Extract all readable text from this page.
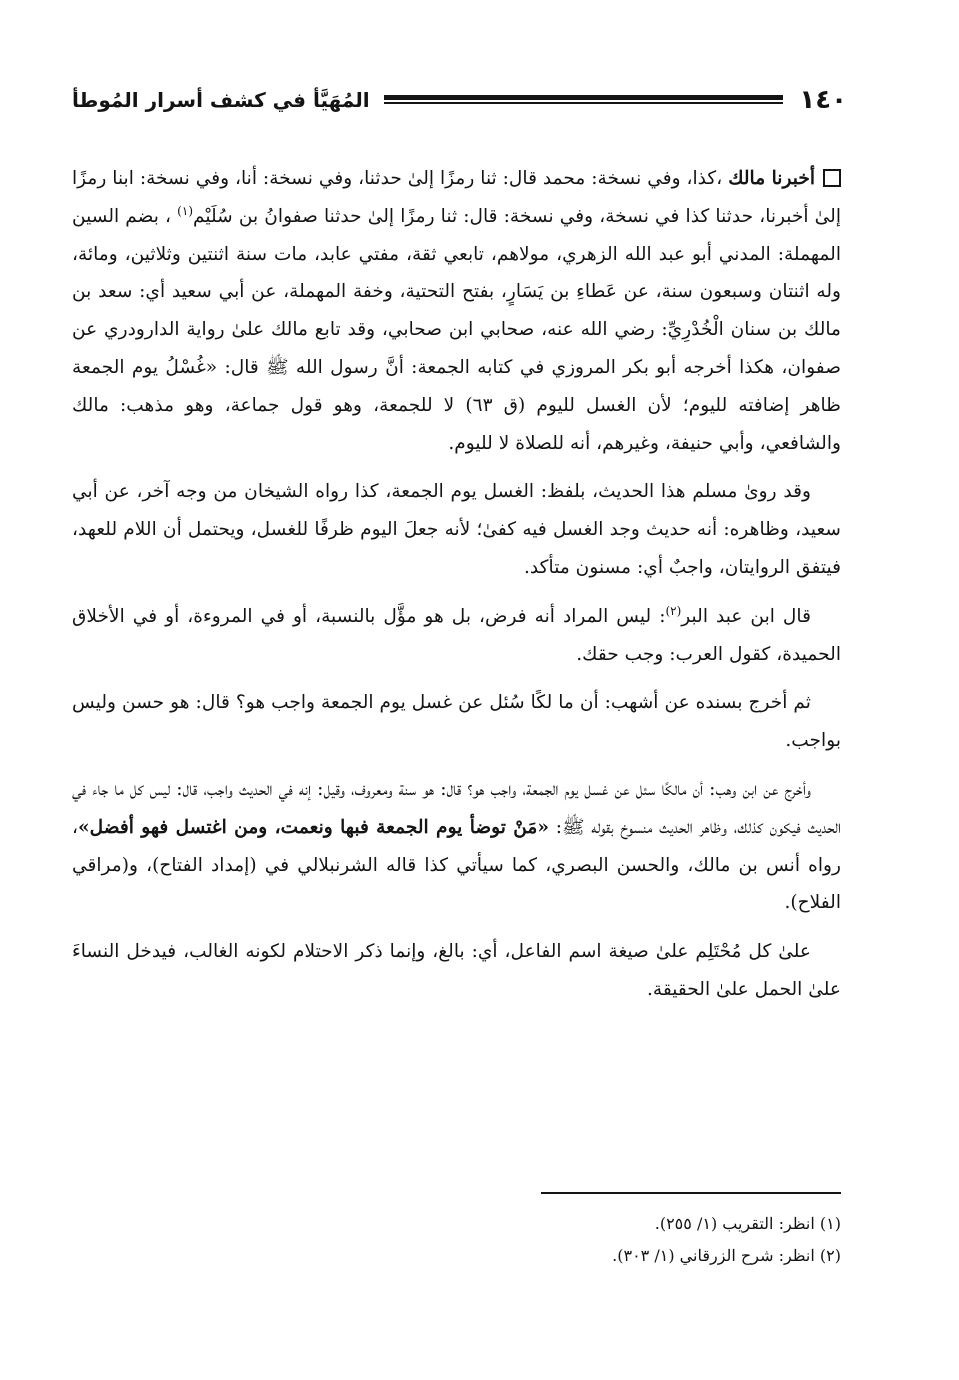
١٤٠
المُهَيَّأ في كشف أسرار المُوطأ

أخبرنا مالك ،كذا، وفي نسخة: محمد قال: ثنا رمزًا إلىٰ حدثنا، وفي نسخة: أنا، وفي نسخة: ابنا رمزًا إلىٰ أخبرنا، حدثنا كذا في نسخة، وفي نسخة: قال: ثنا رمزًا إلىٰ حدثنا صفوانُ بن سُلَيْم$^{(١)}$ ، بضم السين المهملة: المدني أبو عبد الله الزهري، مولاهم، تابعي ثقة، مفتي عابد، مات سنة اثنتين وثلاثين، ومائة، وله اثنتان وسبعون سنة، عن عَطاءِ بن يَسَارٍ، بفتح التحتية، وخفة المهملة، عن أبي سعيد أي: سعد بن مالك بن سنان الْخُدْرِيِّ: رضي الله عنه، صحابي ابن صحابي، وقد تابع مالك علىٰ رواية الدارودري عن صفوان، هكذا أخرجه أبو بكر المروزي في كتابه الجمعة: أنَّ رسول الله ﷺ قال: «غُسْلُ يوم الجمعة ظاهر إضافته لليوم؛ لأن الغسل لليوم (ق ٦٣) لا للجمعة، وهو قول جماعة، وهو مذهب: مالك والشافعي، وأبي حنيفة، وغيرهم، أنه للصلاة لا لليوم.

وقد روىٰ مسلم هذا الحديث، بلفظ: الغسل يوم الجمعة، كذا رواه الشيخان من وجه آخر، عن أبي سعيد، وظاهره: أنه حديث وجد الغسل فيه كفىٰ؛ لأنه جعلَ اليوم ظرفًا للغسل، ويحتمل أن اللام للعهد، فيتفق الروايتان، واجبٌ أي: مسنون متأكد.

قال ابن عبد البر$^{(٢)}$: ليس المراد أنه فرض، بل هو مؤَّل بالنسبة، أو في المروءة، أو في الأخلاق الحميدة، كقول العرب: وجب حقك.

ثم أخرج بسنده عن أشهب: أن ما لكًا سُئل عن غسل يوم الجمعة واجب هو؟ قال: هو حسن وليس بواجب.

وأخرج عن ابن وهب: أن مالكًا سئل عن غسل يوم الجمعة، واجب هو؟ قال: هو سنة ومعروف، وقيل: إنه في الحديث واجب، قال: ليس كل ما جاء في الحديث فيكون كذلك، وظاهر الحديث منسوخ بقوله ﷺ: «مَنْ توضأ يوم الجمعة فبها ونعمت، ومن اغتسل فهو أفضل»، رواه أنس بن مالك، والحسن البصري، كما سيأتي كذا قاله الشرنبلالي في (إمداد الفتاح)، و(مراقي الفلاح).

علىٰ كل مُحْتَلِم علىٰ صيغة اسم الفاعل، أي: بالغ، وإنما ذكر الاحتلام لكونه الغالب، فيدخل النساءَ علىٰ الحمل علىٰ الحقيقة.

(١) انظر: التقريب (١/ ٢٥٥).
(٢) انظر: شرح الزرقاني (١/ ٣٠٣).
